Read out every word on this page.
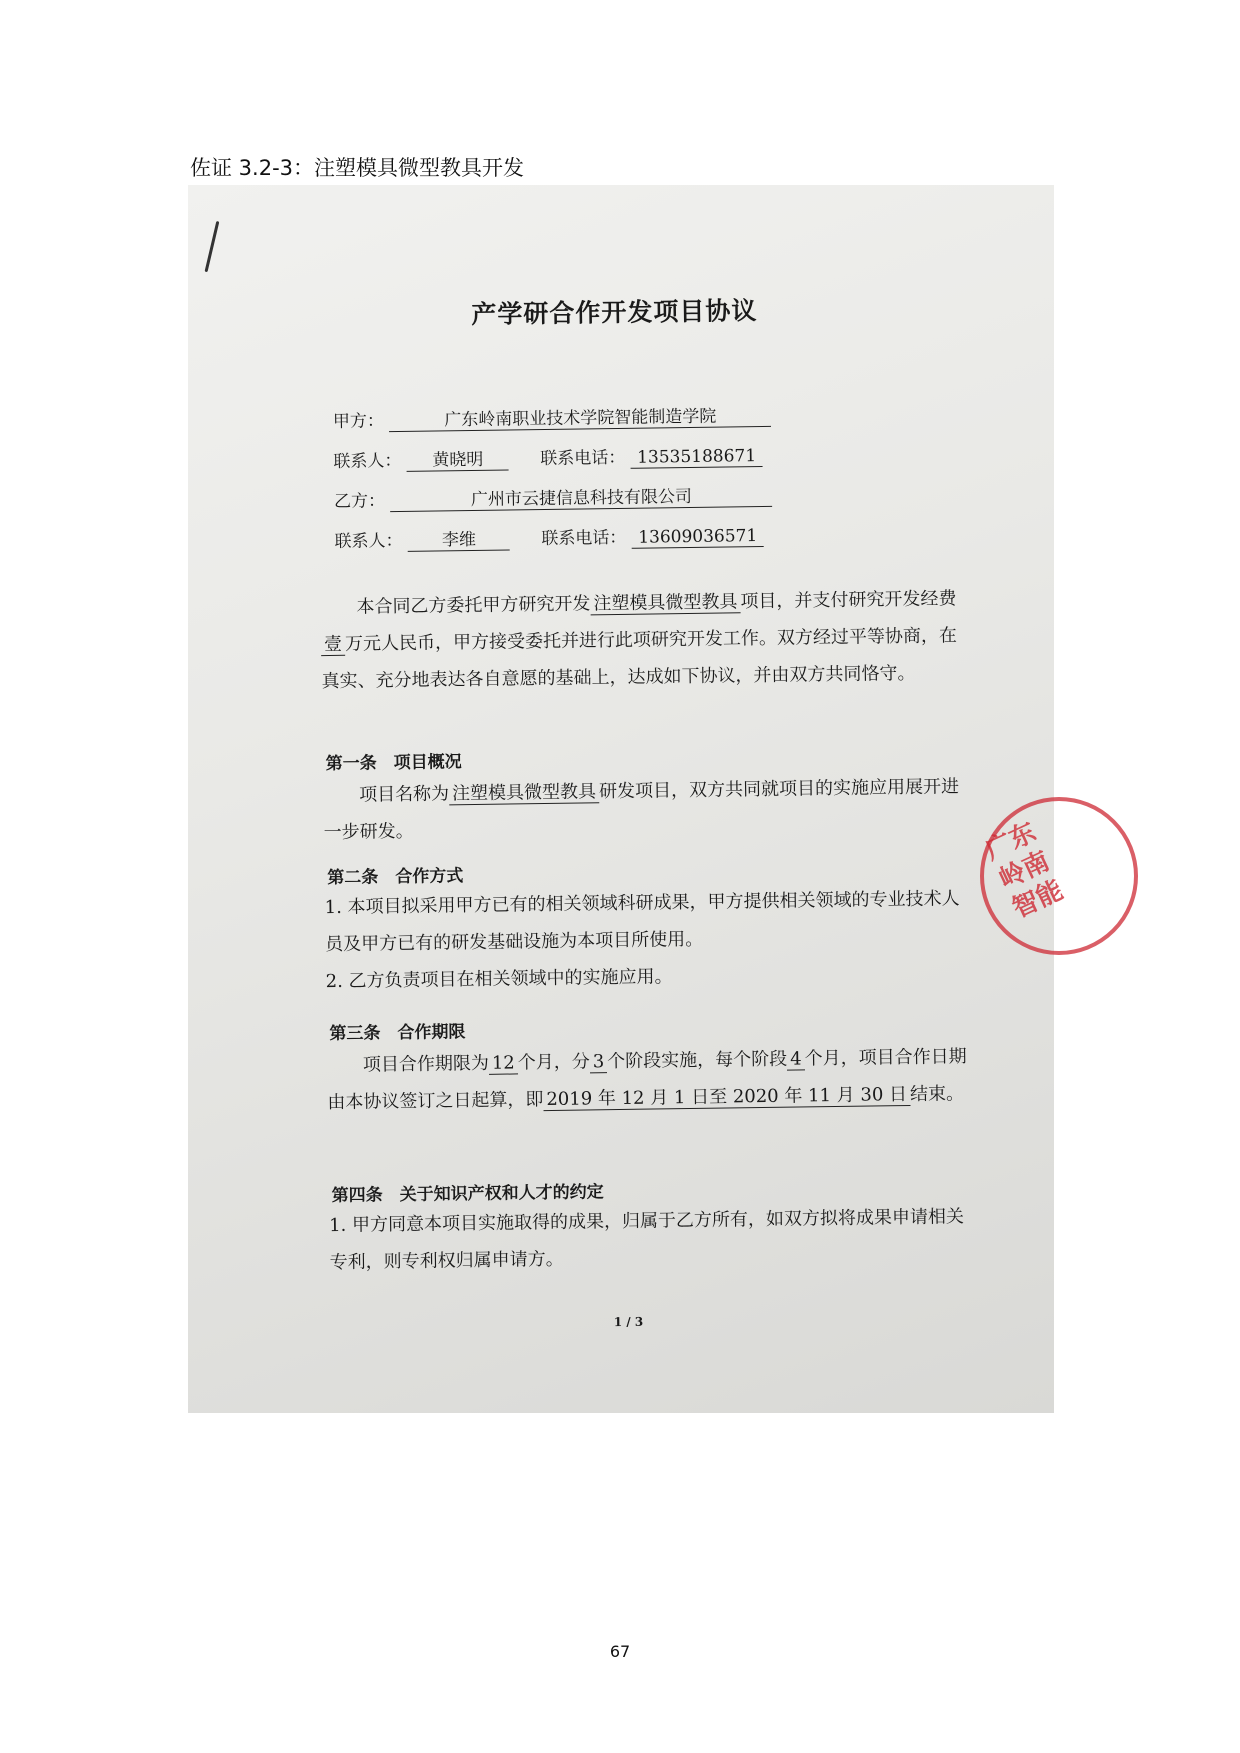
佐证 3.2-3：注塑模具微型教具开发
产学研合作开发项目协议
甲方：	广东岭南职业技术学院智能制造学院
联系人： 黄晓明	联系电话： 13535188671
乙方：	广州市云捷信息科技有限公司
联系人： 李维	联系电话： 13609036571
本合同乙方委托甲方研究开发 注塑模具微型教具 项目，并支付研究开发经费壹 万元人民币，甲方接受委托并进行此项研究开发工作。双方经过平等协商，在真实、充分地表达各自意愿的基础上，达成如下协议，并由双方共同恪守。
第一条　项目概况
项目名称为 注塑模具微型教具 研发项目，双方共同就项目的实施应用展开进一步研发。
第二条　合作方式
1. 本项目拟采用甲方已有的相关领域科研成果，甲方提供相关领域的专业技术人员及甲方已有的研发基础设施为本项目所使用。
2. 乙方负责项目在相关领域中的实施应用。
第三条　合作期限
项目合作期限为 12 个月，分 3 个阶段实施，每个阶段 4 个月，项目合作日期由本协议签订之日起算，即 2019 年 12 月 1 日至 2020 年 11 月 30 日 结束。
第四条　关于知识产权和人才的约定
1. 甲方同意本项目实施取得的成果，归属于乙方所有，如双方拟将成果申请相关专利，则专利权归属申请方。
1 / 3
广东岭南智能
67
